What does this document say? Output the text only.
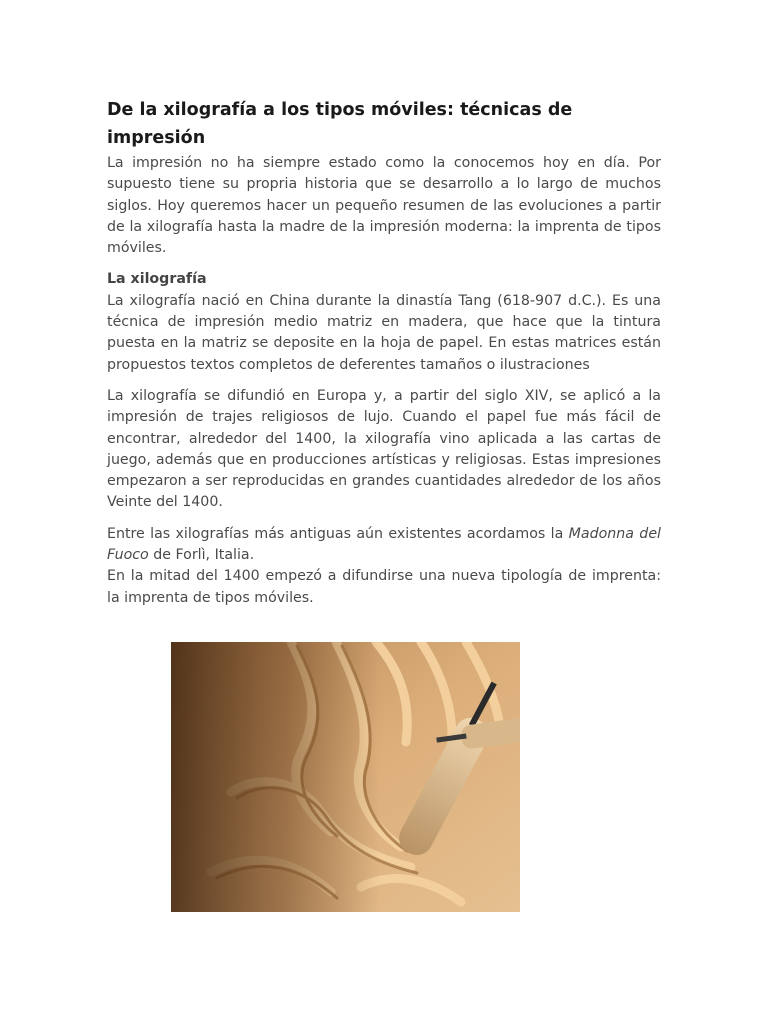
De la xilografía a los tipos móviles: técnicas de impresión

La impresión no ha siempre estado como la conocemos hoy en día. Por supuesto tiene su propria historia que se desarrollo a lo largo de muchos siglos. Hoy queremos hacer un pequeño resumen de las evoluciones a partir de la xilografía hasta la madre de la impresión moderna: la imprenta de tipos móviles.

La xilografía

La xilografía nació en China durante la dinastía Tang (618-907 d.C.). Es una técnica de impresión medio matriz en madera, que hace que la tintura puesta en la matriz se deposite en la hoja de papel. En estas matrices están propuestos textos completos de deferentes tamaños o ilustraciones

La xilografía se difundió en Europa y, a partir del siglo XIV, se aplicó a la impresión de trajes religiosos de lujo. Cuando el papel fue más fácil de encontrar, alrededor del 1400, la xilografía vino aplicada a las cartas de juego, además que en producciones artísticas y religiosas. Estas impresiones empezaron a ser reproducidas en grandes cuantidades alrededor de los años Veinte del 1400.

Entre las xilografías más antiguas aún existentes acordamos la Madonna del Fuoco de Forlì, Italia.

En la mitad del 1400 empezó a difundirse una nueva tipología de imprenta: la imprenta de tipos móviles.
